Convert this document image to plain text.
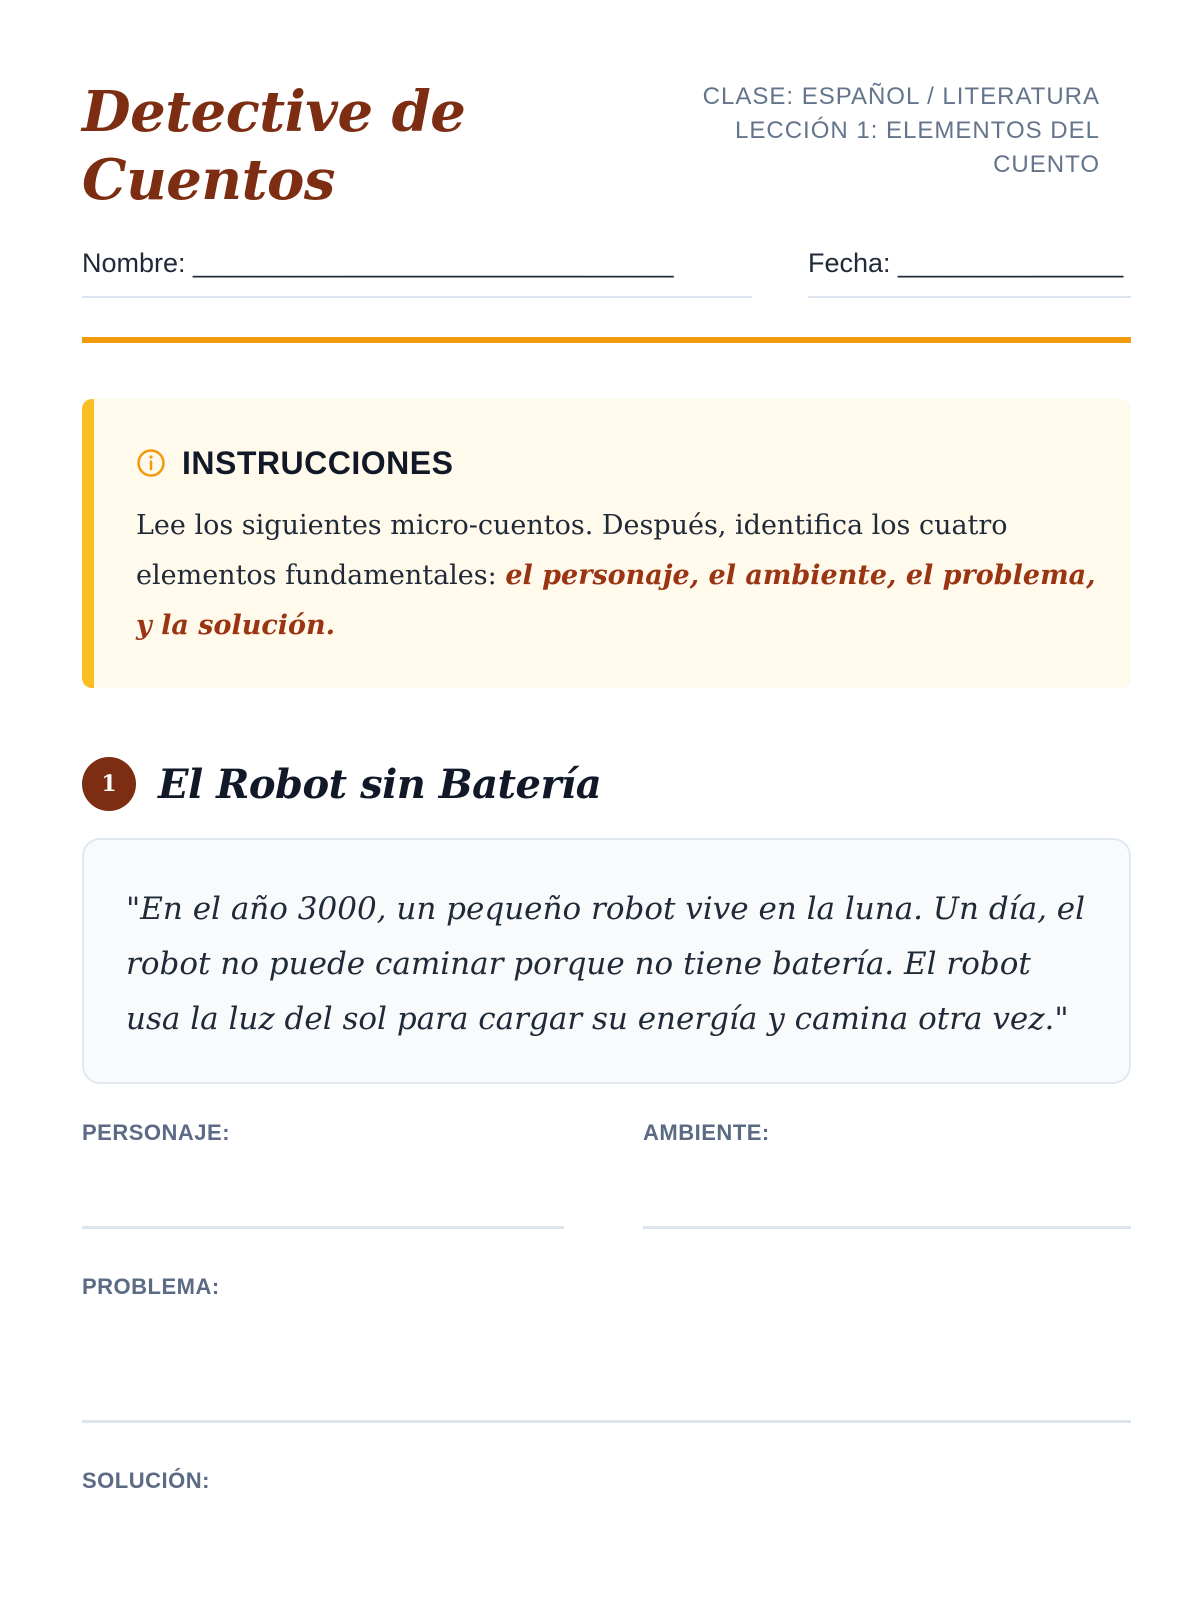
Detective de
Cuentos
CLASE: ESPAÑOL / LITERATURA
LECCIÓN 1: ELEMENTOS DEL
CUENTO
Nombre: ________________________________	Fecha: _______________
INSTRUCCIONES

Lee los siguientes micro-cuentos. Después, identifica los cuatro elementos fundamentales: el personaje, el ambiente, el problema, y la solución.

1	El Robot sin Batería

"En el año 3000, un pequeño robot vive en la luna. Un día, el robot no puede caminar porque no tiene batería. El robot usa la luz del sol para cargar su energía y camina otra vez."

PERSONAJE:	AMBIENTE:
PROBLEMA:
SOLUCIÓN:
